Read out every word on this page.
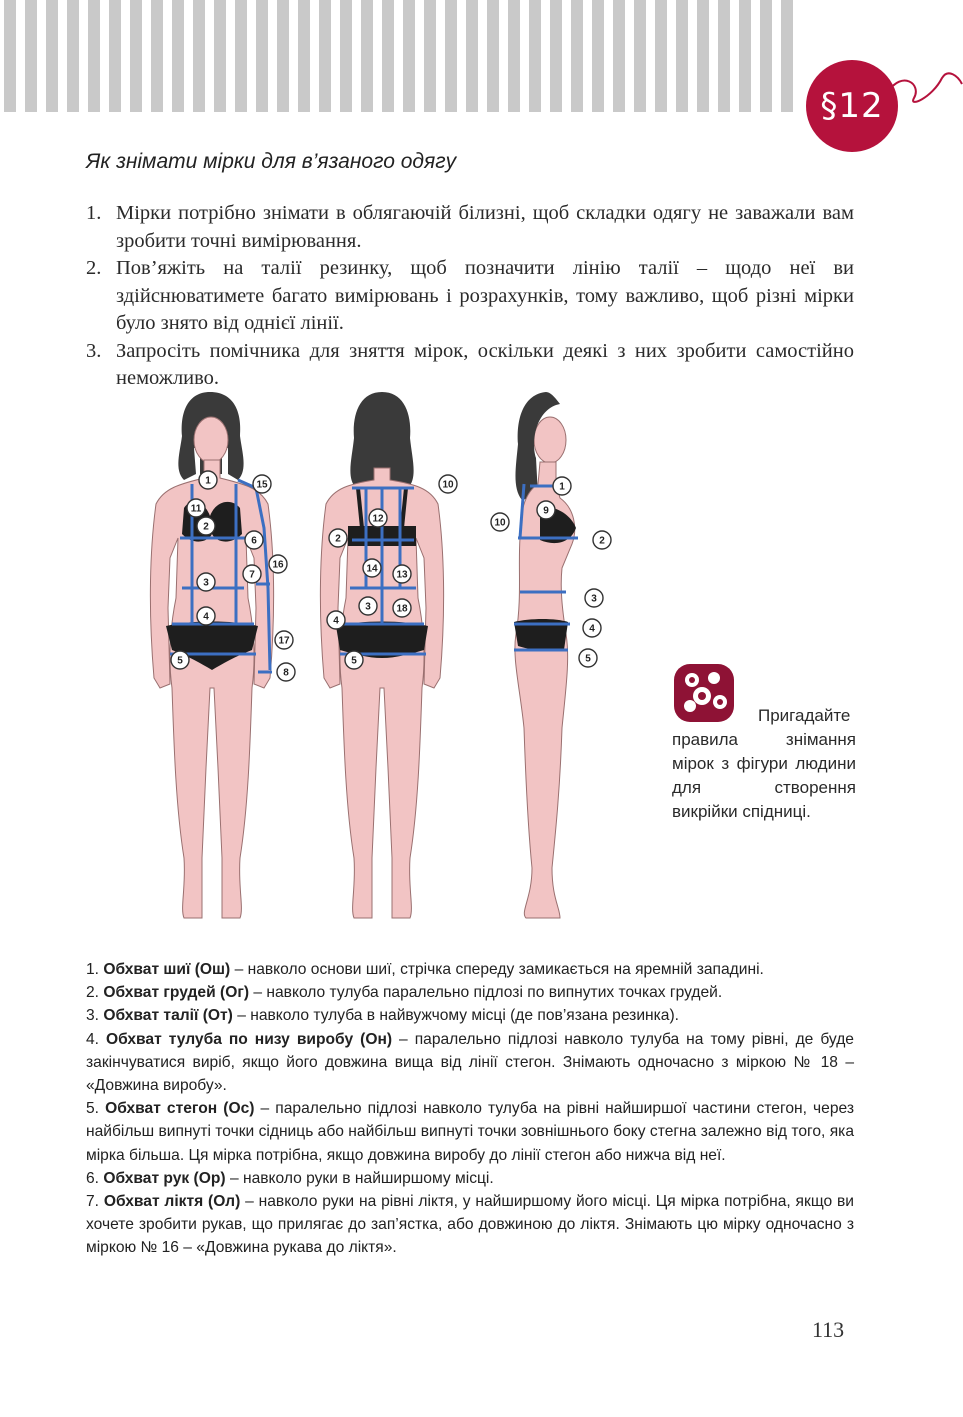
§12
Як знімати мірки для в’язаного одягу
1. Мірки потрібно знімати в облягаючій білизні, щоб складки одягу не заважали вам зробити точні вимірювання.
2. Пов’яжіть на талії резинку, щоб позначити лінію талії – щодо неї ви здійснюватимете багато вимірювань і розрахунків, тому важливо, щоб різні мірки було знято від однієї лінії.
3. Запросіть помічника для зняття мірок, оскільки деякі з них зробити самостійно неможливо.
1
11
2
3
4
5
6
7
15
16
17
8
10
12
2
14
13
3	18
4
5
1
9
10
2
3
4
5
Пригадайте правила знімання мірок з фігури людини для створення викрійки спідниці.

1. Обхват шиї (Ош) – навколо основи шиї, стрічка спереду замикається на яремній западині.

2. Обхват грудей (Ог) – навколо тулуба паралельно підлозі по випнутих точках грудей.

3. Обхват талії (От) – навколо тулуба в найвужчому місці (де пов’язана резинка).

4. Обхват тулуба по низу виробу (Он) – паралельно підлозі навколо тулуба на тому рівні, де буде закінчуватися виріб, якщо його довжина вища від лінії стегон. Знімають одночасно з міркою № 18 – «Довжина виробу».

5. Обхват стегон (Ос) – паралельно підлозі навколо тулуба на рівні найширшої частини стегон, через найбільш випнуті точки сідниць або найбільш випнуті точки зовнішнього боку стегна залежно від того, яка мірка більша. Ця мірка потрібна, якщо довжина виробу до лінії стегон або нижча від неї.

6. Обхват рук (Ор) – навколо руки в найширшому місці.

7. Обхват ліктя (Ол) – навколо руки на рівні ліктя, у найширшому його місці. Ця мірка потрібна, якщо ви хочете зробити рукав, що прилягає до зап’ястка, або довжиною до ліктя. Знімають цю мірку одночасно з міркою № 16 – «Довжина рукава до ліктя».

113
